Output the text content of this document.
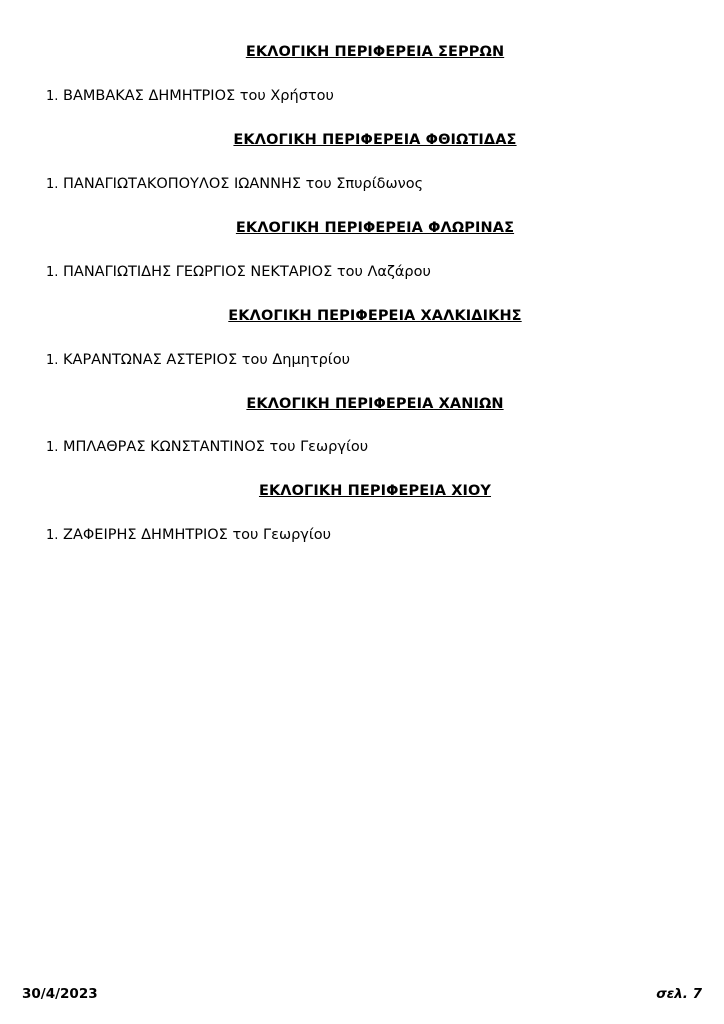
ΕΚΛΟΓΙΚΗ ΠΕΡΙΦΕΡΕΙΑ ΣΕΡΡΩΝ
1. ΒΑΜΒΑΚΑΣ ΔΗΜΗΤΡΙΟΣ του Χρήστου
ΕΚΛΟΓΙΚΗ ΠΕΡΙΦΕΡΕΙΑ ΦΘΙΩΤΙΔΑΣ
1. ΠΑΝΑΓΙΩΤΑΚΟΠΟΥΛΟΣ ΙΩΑΝΝΗΣ του Σπυρίδωνος
ΕΚΛΟΓΙΚΗ ΠΕΡΙΦΕΡΕΙΑ ΦΛΩΡΙΝΑΣ
1. ΠΑΝΑΓΙΩΤΙΔΗΣ ΓΕΩΡΓΙΟΣ ΝΕΚΤΑΡΙΟΣ του Λαζάρου
ΕΚΛΟΓΙΚΗ ΠΕΡΙΦΕΡΕΙΑ ΧΑΛΚΙΔΙΚΗΣ
1. ΚΑΡΑΝΤΩΝΑΣ ΑΣΤΕΡΙΟΣ του Δημητρίου
ΕΚΛΟΓΙΚΗ ΠΕΡΙΦΕΡΕΙΑ ΧΑΝΙΩΝ
1. ΜΠΛΑΘΡΑΣ ΚΩΝΣΤΑΝΤΙΝΟΣ του Γεωργίου
ΕΚΛΟΓΙΚΗ ΠΕΡΙΦΕΡΕΙΑ ΧΙΟΥ
1. ΖΑΦΕΙΡΗΣ ΔΗΜΗΤΡΙΟΣ του Γεωργίου
30/4/2023	σελ. 7
